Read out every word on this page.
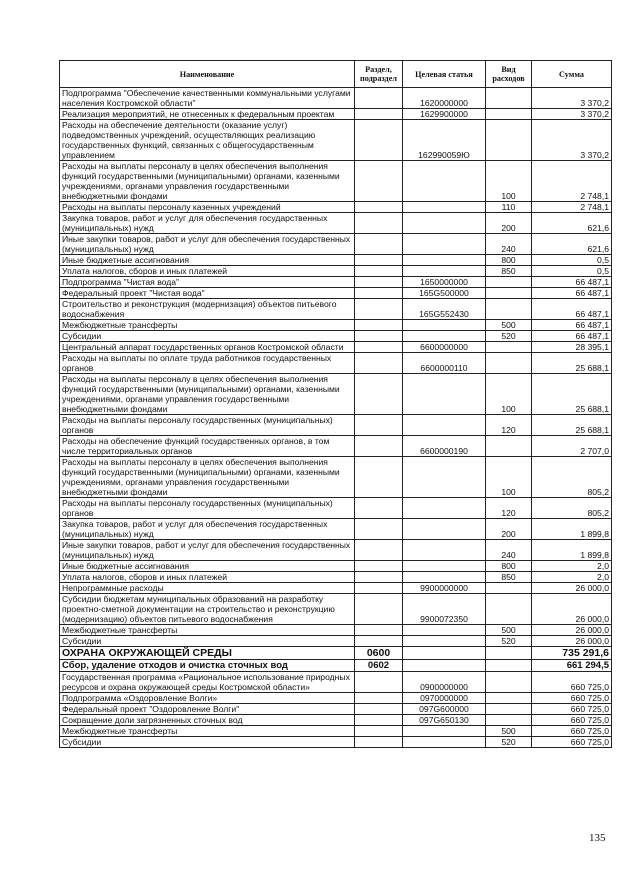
Наименование	Раздел, подраздел	Целевая статья	Вид расходов	Сумма
Подпрограмма "Обеспечение качественными коммунальными услугами населения Костромской области"		1620000000		3 370,2
Реализация мероприятий, не отнесенных к федеральным проектам		1629900000		3 370,2
Расходы на обеспечение деятельности (оказание услуг) подведомственных учреждений, осуществляющих реализацию государственных функций, связанных с общегосударственным управлением		162990059Ю		3 370,2
Расходы на выплаты персоналу в целях обеспечения выполнения функций государственными (муниципальными) органами, казенными учреждениями, органами управления государственными внебюджетными фондами			100	2 748,1
Расходы на выплаты персоналу казенных учреждений			110	2 748,1
Закупка товаров, работ и услуг для обеспечения государственных (муниципальных) нужд			200	621,6
Иные закупки товаров, работ и услуг для обеспечения государственных (муниципальных) нужд			240	621,6
Иные бюджетные ассигнования			800	0,5
Уплата налогов, сборов и иных платежей			850	0,5
Подпрограмма "Чистая вода"		1650000000		66 487,1
Федеральный проект "Чистая вода"		165G500000		66 487,1
Строительство и реконструкция (модернизация) объектов питьевого водоснабжения		165G552430		66 487,1
Межбюджетные трансферты			500	66 487,1
Субсидии			520	66 487,1
Центральный аппарат государственных органов Костромской области		6600000000		28 395,1
Расходы на выплаты по оплате труда работников государственных органов		6600000110		25 688,1
Расходы на выплаты персоналу в целях обеспечения выполнения функций государственными (муниципальными) органами, казенными учреждениями, органами управления государственными внебюджетными фондами			100	25 688,1
Расходы на выплаты персоналу государственных (муниципальных) органов			120	25 688,1
Расходы на обеспечение функций государственных органов, в том числе территориальных органов		6600000190		2 707,0
Расходы на выплаты персоналу в целях обеспечения выполнения функций государственными (муниципальными) органами, казенными учреждениями, органами управления государственными внебюджетными фондами			100	805,2
Расходы на выплаты персоналу государственных (муниципальных) органов			120	805,2
Закупка товаров, работ и услуг для обеспечения государственных (муниципальных) нужд			200	1 899,8
Иные закупки товаров, работ и услуг для обеспечения государственных (муниципальных) нужд			240	1 899,8
Иные бюджетные ассигнования			800	2,0
Уплата налогов, сборов и иных платежей			850	2,0
Непрограммные расходы		9900000000		26 000,0
Субсидии бюджетам муниципальных образований на разработку проектно-сметной документации на строительство и реконструкцию (модернизацию) объектов питьевого водоснабжения		9900072350		26 000,0
Межбюджетные трансферты			500	26 000,0
Субсидии			520	26 000,0
ОХРАНА ОКРУЖАЮЩЕЙ СРЕДЫ	0600			735 291,6
Сбор, удаление отходов и очистка сточных вод	0602			661 294,5
Государственная программа «Рациональное использование природных ресурсов и охрана окружающей среды Костромской области»		0900000000		660 725,0
Подпрограмма «Оздоровление Волги»		0970000000		660 725,0
Федеральный проект "Оздоровление Волги"		097G600000		660 725,0
Сокращение доли загрязненных сточных вод		097G650130		660 725,0
Межбюджетные трансферты			500	660 725,0
Субсидии			520	660 725,0
135
